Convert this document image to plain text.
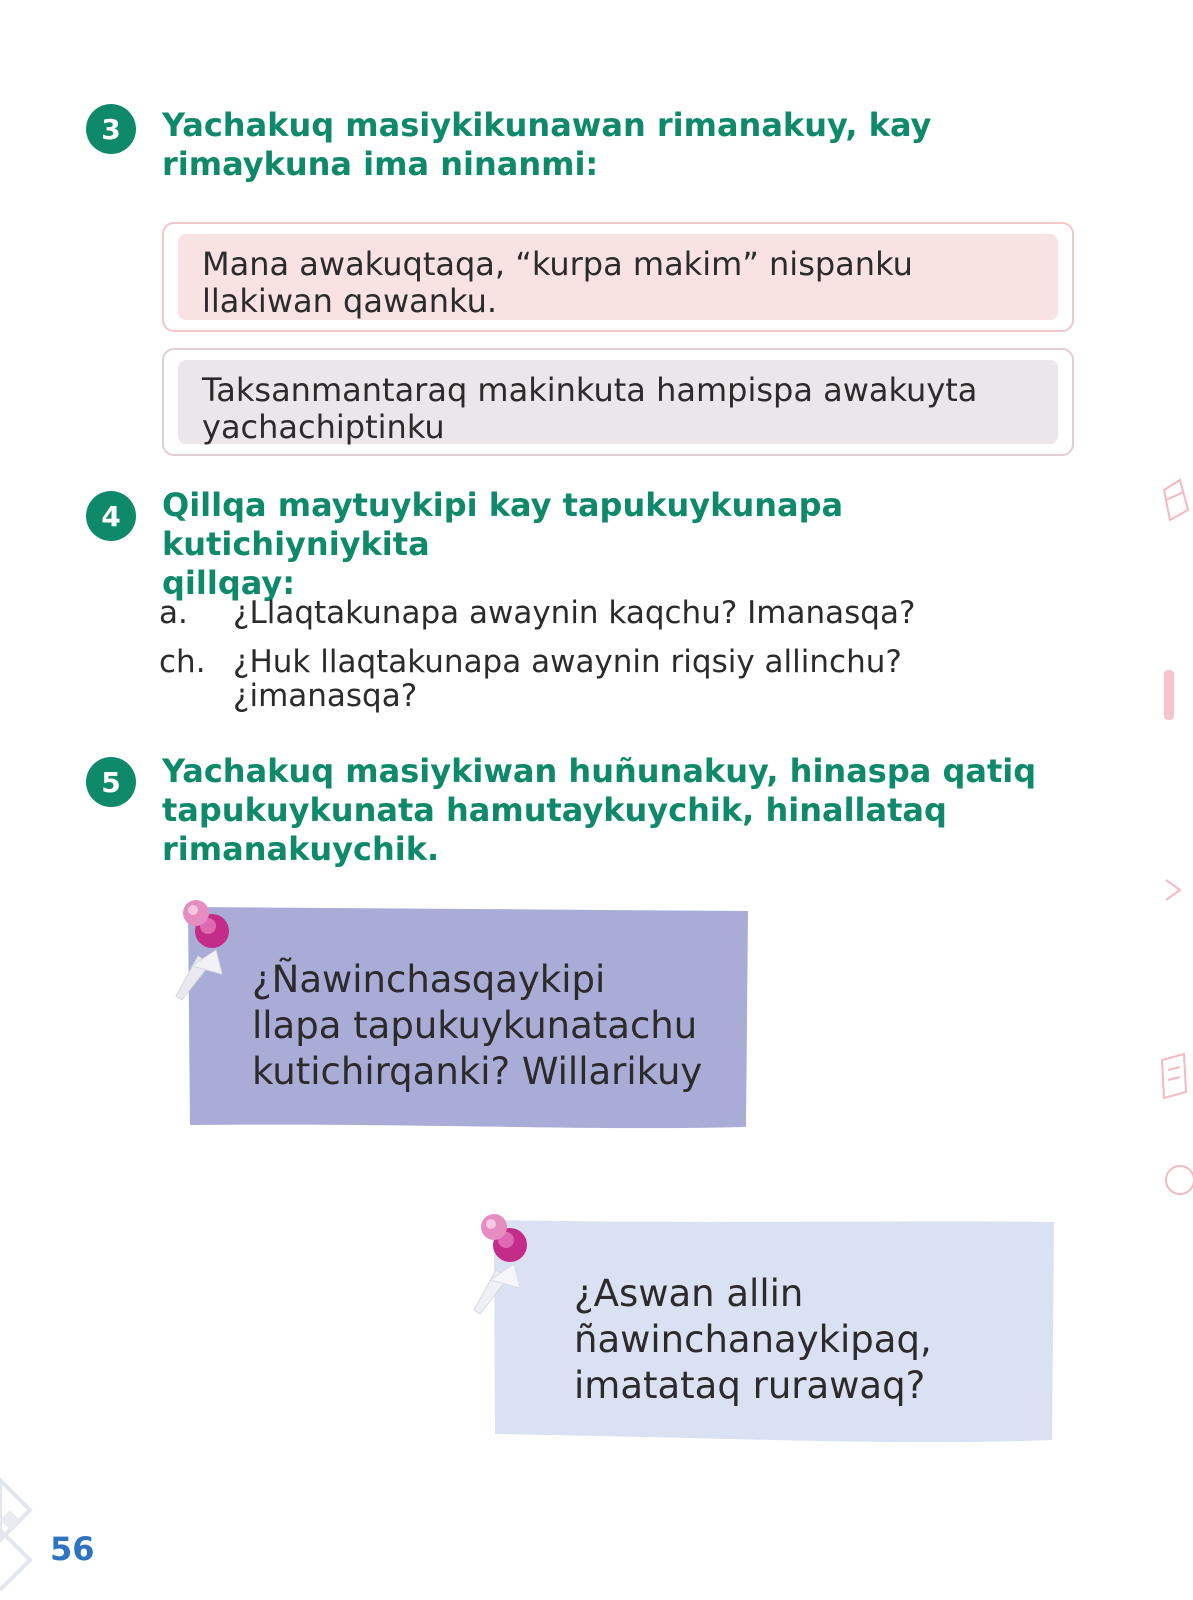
3	Yachakuq masiykikunawan rimanakuy, kay
rimaykuna ima ninanmi:
Mana awakuqtaqa, “kurpa makim” nispanku
llakiwan qawanku.
Taksanmantaraq makinkuta hampispa awakuyta
yachachiptinku
4	Qillqa maytuykipi kay tapukuykunapa kutichiyniykita
qillqay:
a. ¿Llaqtakunapa awaynin kaqchu? Imanasqa?
ch. ¿Huk llaqtakunapa awaynin riqsiy allinchu?
¿imanasqa?
5	Yachakuq masiykiwan huñunakuy, hinaspa qatiq
tapukuykunata hamutaykuychik, hinallataq
rimanakuychik.
¿Ñawinchasqaykipi
llapa tapukuykunatachu
kutichirqanki? Willarikuy
¿Aswan allin
ñawinchanaykipaq,
imatataq rurawaq?
56
